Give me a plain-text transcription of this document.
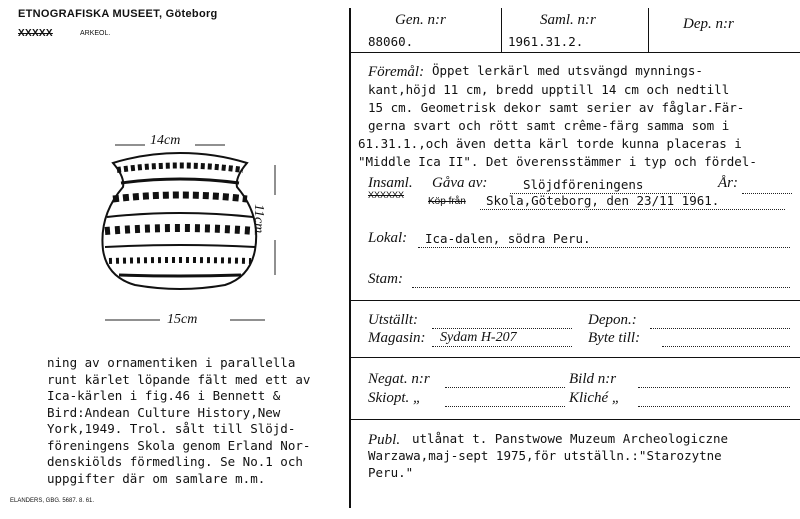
ETNOGRAFISKA MUSEET, Göteborg
XXXXX	ARKEOL.
14cm
11cm
15cm
ning av ornamentiken i parallella
runt kärlet löpande fält med ett av
Ica-kärlen i fig.46 i Bennett &
Bird:Andean Culture History,New
York,1949. Trol. sålt till Slöjd-
föreningens Skola genom Erland Nor-
denskiölds förmedling. Se No.1 och
uppgifter där om samlare m.m.
ELANDERS, GBG. 5687. 8. 61.
Gen. n:r
88060.
Saml. n:r
1961.31.2.
Dep. n:r
Föremål: Öppet lerkärl med utsvängd mynnings-
kant,höjd 11 cm, bredd upptill 14 cm och nedtill
15 cm. Geometrisk dekor samt serier av fåglar.Fär-
gerna svart och rött samt crême-färg samma som i
61.31.1.,och även detta kärl torde kunna placeras i
"Middle Ica II". Det överensstämmer i typ och fördel-
Insaml.
XXXXXX
Gåva av:	Slöjdföreningens	År:
Köp från Skola,Göteborg, den 23/11 1961.
Lokal: Ica-dalen, södra Peru.
Stam:
Utställt:	Depon.:
Magasin: Sydam H-207	Byte till:
Negat. n:r	Bild n:r
Skiopt. „	Kliché „
Publ. utlånat t. Panstwowe Muzeum Archeologiczne
Warzawa,maj-sept 1975,för utställn.:"Starozytne
Peru."
